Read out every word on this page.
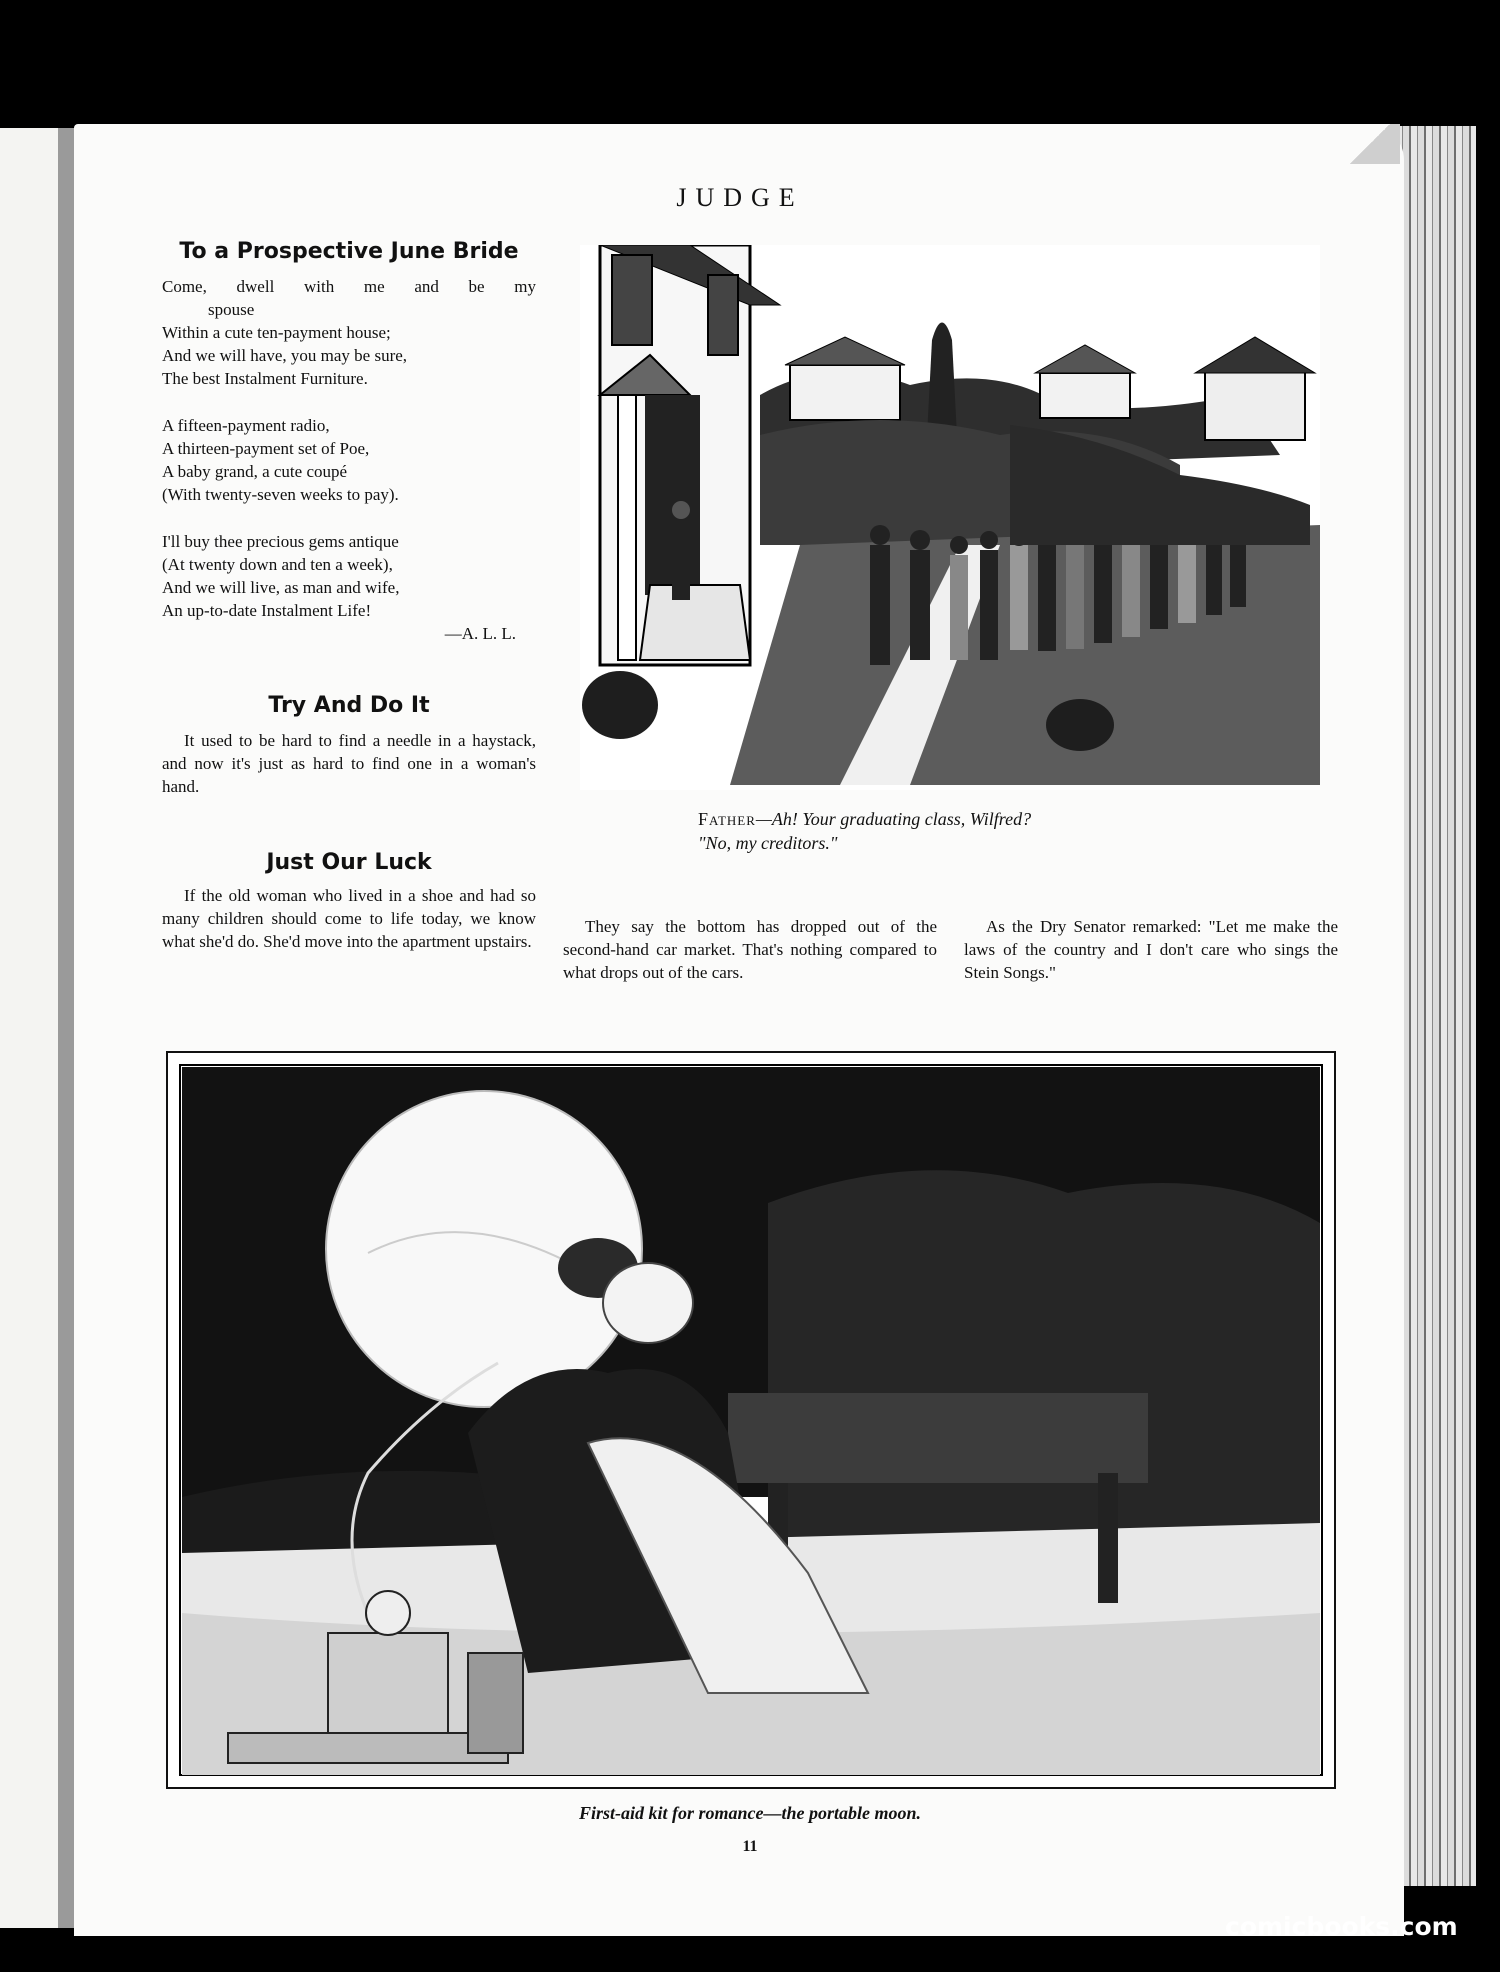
JUDGE
To a Prospective June Bride

Come, dwell with me and be my
spouse
Within a cute ten-payment house;
And we will have, you may be sure,
The best Instalment Furniture.

A fifteen-payment radio,
A thirteen-payment set of Poe,
A baby grand, a cute coupé
(With twenty-seven weeks to pay).

I'll buy thee precious gems antique
(At twenty down and ten a week),
And we will live, as man and wife,
An up-to-date Instalment Life!

—A. L. L.
Try And Do It

It used to be hard to find a needle in a haystack, and now it's just as hard to find one in a woman's hand.

Just Our Luck

If the old woman who lived in a shoe and had so many children should come to life today, we know what she'd do. She'd move into the apartment upstairs.

They say the bottom has dropped out of the second-hand car market. That's nothing compared to what drops out of the cars.

As the Dry Senator remarked: "Let me make the laws of the country and I don't care who sings the Stein Songs."

Father—Ah! Your graduating class, Wilfred?
"No, my creditors."
First-aid kit for romance—the portable moon.
11
comicbooks.com
